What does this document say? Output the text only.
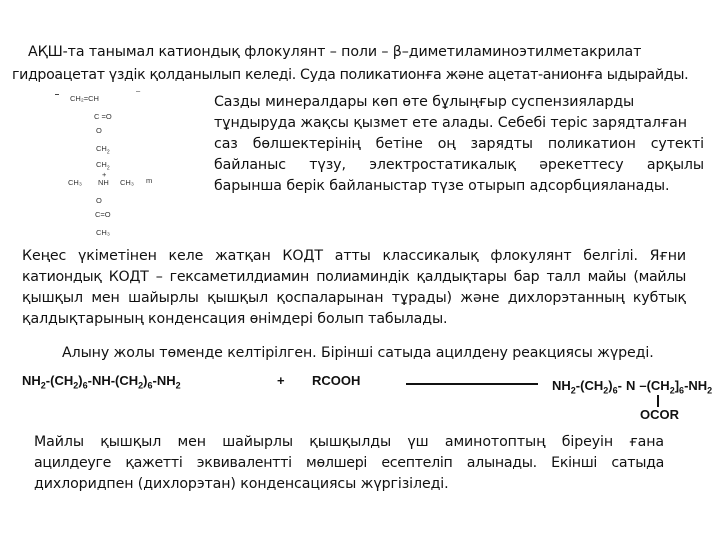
АҚШ-та танымал катиондық флокулянт – поли – β–диметиламиноэтилметакрилат
гидроацетат үздік қолданылып келеді. Суда поликатионға және ацетат-анионға ыдырайды.
–
CH₂=CH
C =O
O
$CH_2$
$CH_2$
+
CH₃ NH CH₃ m
O
C=O
CH₃
Сазды минералдары көп өте бұлыңғыр суспензияларды
тұндыруда жақсы қызмет ете алады. Себебі теріс зарядталған
саз бөлшектерінің бетіне оң зарядты поликатион сутекті
байланыс түзу, электростатикалық әрекеттесу арқылы
барынша берік байланыстар түзе отырып адсорбцияланады.
Кеңес үкіметінен келе жатқан КОДТ атты классикалық флокулянт белгілі. Яғни
катиондық КОДТ – гексаметилдиамин полиаминдік қалдықтары бар талл майы (майлы
қышқыл мен шайырлы қышқыл қоспаларынан тұрады) және дихлорэтанның кубтық
қалдықтарының конденсация өнімдері болып табылады.
Алыну жолы төменде келтірілген. Бірінші сатыда ацилдену реакциясы жүреді.
$NH_2-(CH_2)_6-NH-(CH_2)_6-NH_2$	+ RCOOH	$NH_2-(CH_2)_6-$ N $-(CH_2]_6-NH_2$
OCOR
Майлы қышқыл мен шайырлы қышқылды үш аминотоптың біреуін ғана
ацилдеуге қажетті эквиваленттi мөлшері есептеліп алынады. Екінші сатыда
дихлоридпен (дихлорэтан) конденсациясы жүргізіледі.
